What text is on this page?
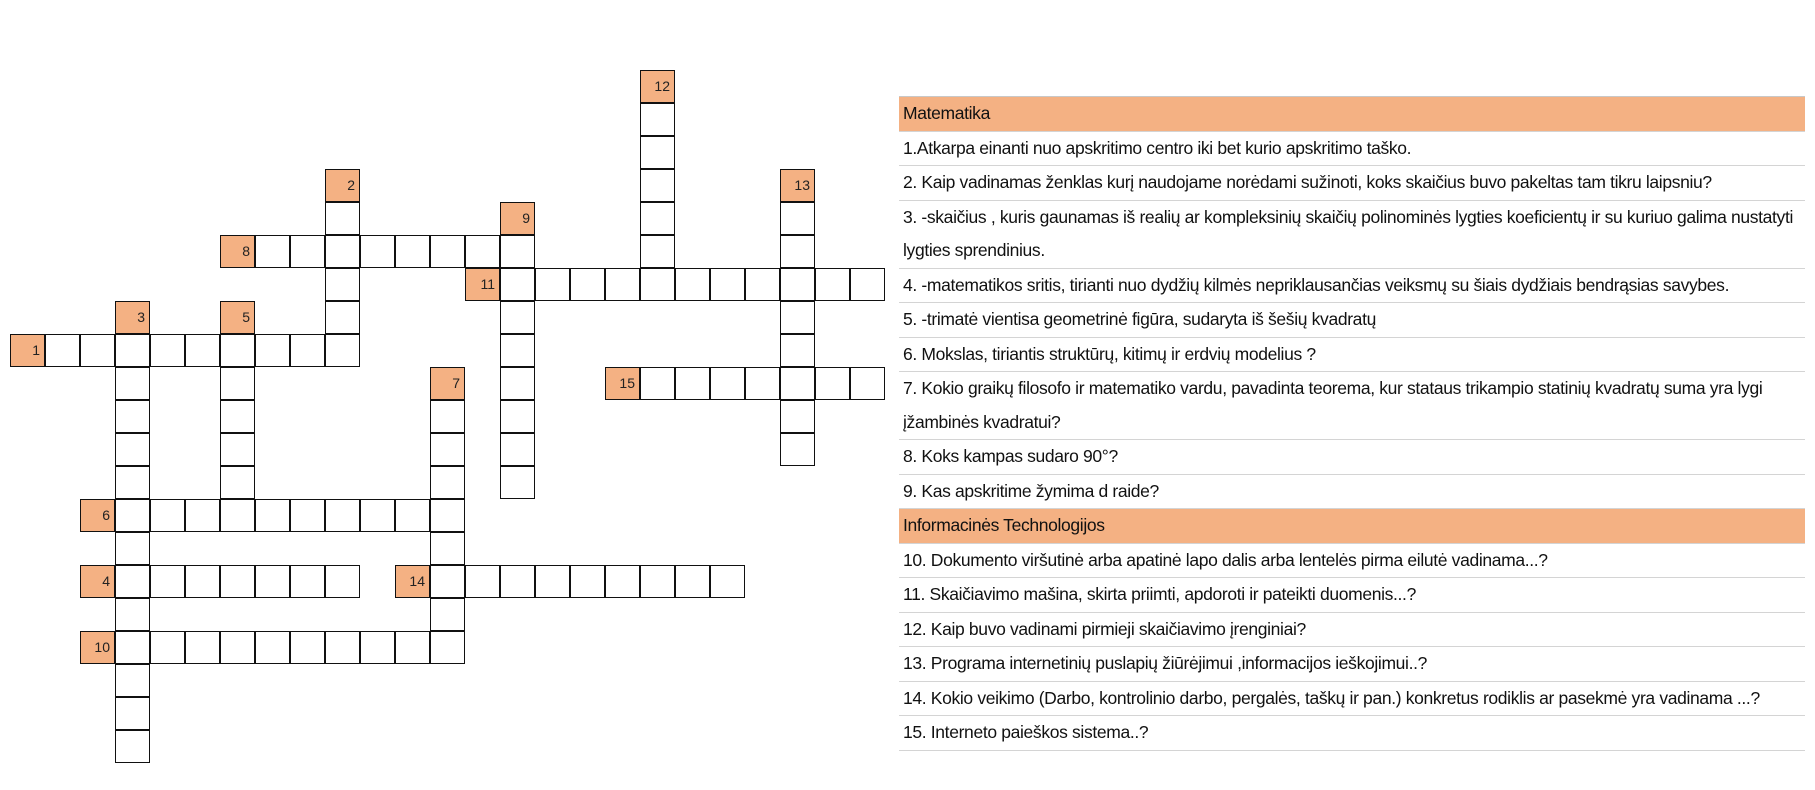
1
2
3
4
5
6
7
8
9
10
11
12
13
14
15
Matematika
1.Atkarpa einanti nuo apskritimo centro iki bet kurio apskritimo taško.
2. Kaip vadinamas ženklas kurį naudojame norėdami sužinoti, koks skaičius buvo pakeltas tam tikru laipsniu?
3. -skaičius , kuris gaunamas iš realių ar kompleksinių skaičių polinominės lygties koeficientų ir su kuriuo galima nustatyti lygties sprendinius.
4. -matematikos sritis, tirianti nuo dydžių kilmės nepriklausančias veiksmų su šiais dydžiais bendrąsias savybes.
5. -trimatė vientisa geometrinė figūra, sudaryta iš šešių kvadratų
6. Mokslas, tiriantis struktūrų, kitimų ir erdvių modelius ?
7. Kokio graikų filosofo ir matematiko vardu, pavadinta teorema, kur stataus trikampio statinių kvadratų suma yra lygi įžambinės kvadratui?
8. Koks kampas sudaro 90°?
9. Kas apskritime žymima d raide?
Informacinės Technologijos
10. Dokumento viršutinė arba apatinė lapo dalis arba lentelės pirma eilutė vadinama...?
11. Skaičiavimo mašina, skirta priimti, apdoroti ir pateikti duomenis...?
12. Kaip buvo vadinami pirmieji skaičiavimo įrenginiai?
13. Programa internetinių puslapių žiūrėjimui ,informacijos ieškojimui..?
14. Kokio veikimo (Darbo, kontrolinio darbo, pergalės, taškų ir pan.) konkretus rodiklis ar pasekmė yra vadinama ...?
15. Interneto paieškos sistema..?
